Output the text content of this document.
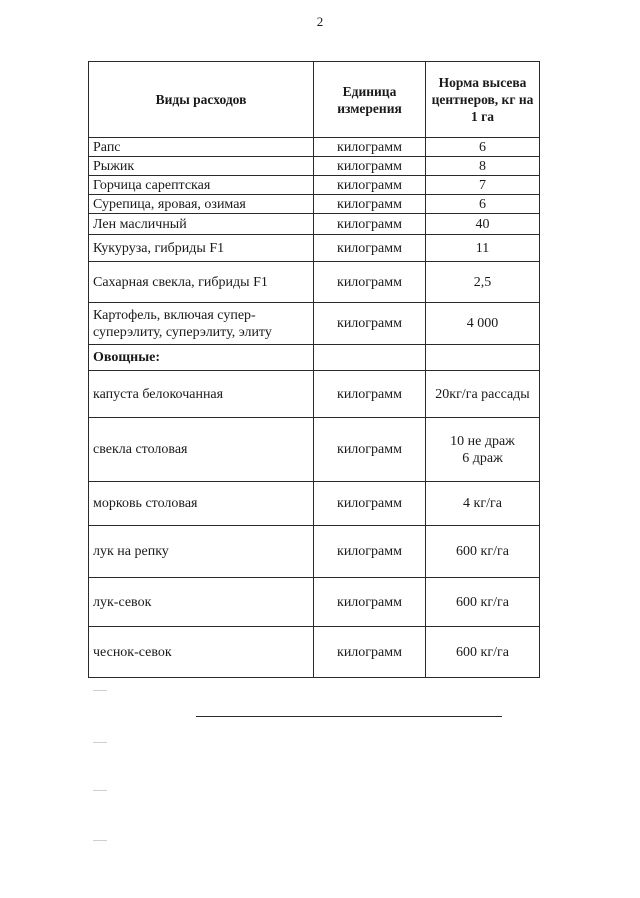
2
Виды расходов	Единица измерения	Норма высева центнеров, кг на 1 га
Рапс	килограмм	6
Рыжик	килограмм	8
Горчица сарептская	килограмм	7
Сурепица, яровая, озимая	килограмм	6
Лен масличный	килограмм	40
Кукуруза, гибриды F1	килограмм	11
Сахарная свекла, гибриды F1	килограмм	2,5
Картофель, включая супер-суперэлиту, суперэлиту, элиту	килограмм	4 000
Овощные:		
капуста белокочанная	килограмм	20кг/га рассады
свекла столовая	килограмм	10 не драж
6 драж

морковь столовая	килограмм	4 кг/га
лук на репку	килограмм	600 кг/га
лук-севок	килограмм	600 кг/га
чеснок-севок	килограмм	600 кг/га
